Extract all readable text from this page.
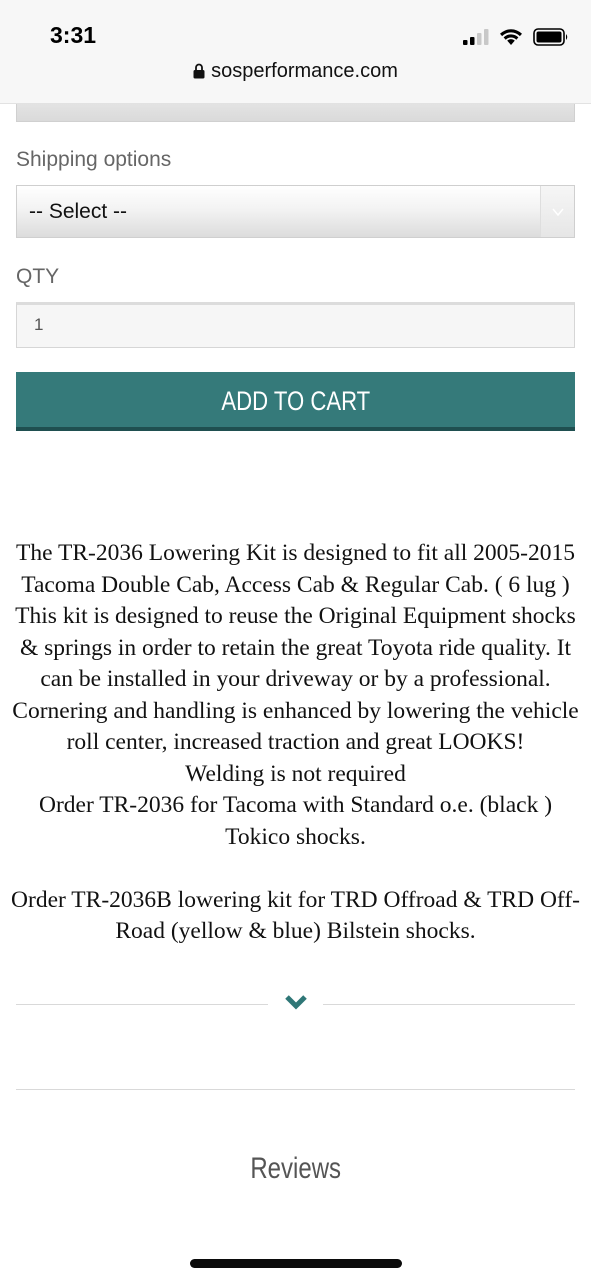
3:31
sosperformance.com
Shipping options
-- Select --
QTY
1
ADD TO CART

The TR-2036 Lowering Kit is designed to fit all 2005-2015 Tacoma Double Cab, Access Cab & Regular Cab. ( 6 lug ) This kit is designed to reuse the Original Equipment shocks & springs in order to retain the great Toyota ride quality. It can be installed in your driveway or by a professional. Cornering and handling is enhanced by lowering the vehicle roll center, increased traction and great LOOKS!

Welding is not required

Order TR-2036 for Tacoma with Standard o.e. (black ) Tokico shocks.

Order TR-2036B lowering kit for TRD Offroad & TRD Off-Road (yellow & blue) Bilstein shocks.

Reviews
